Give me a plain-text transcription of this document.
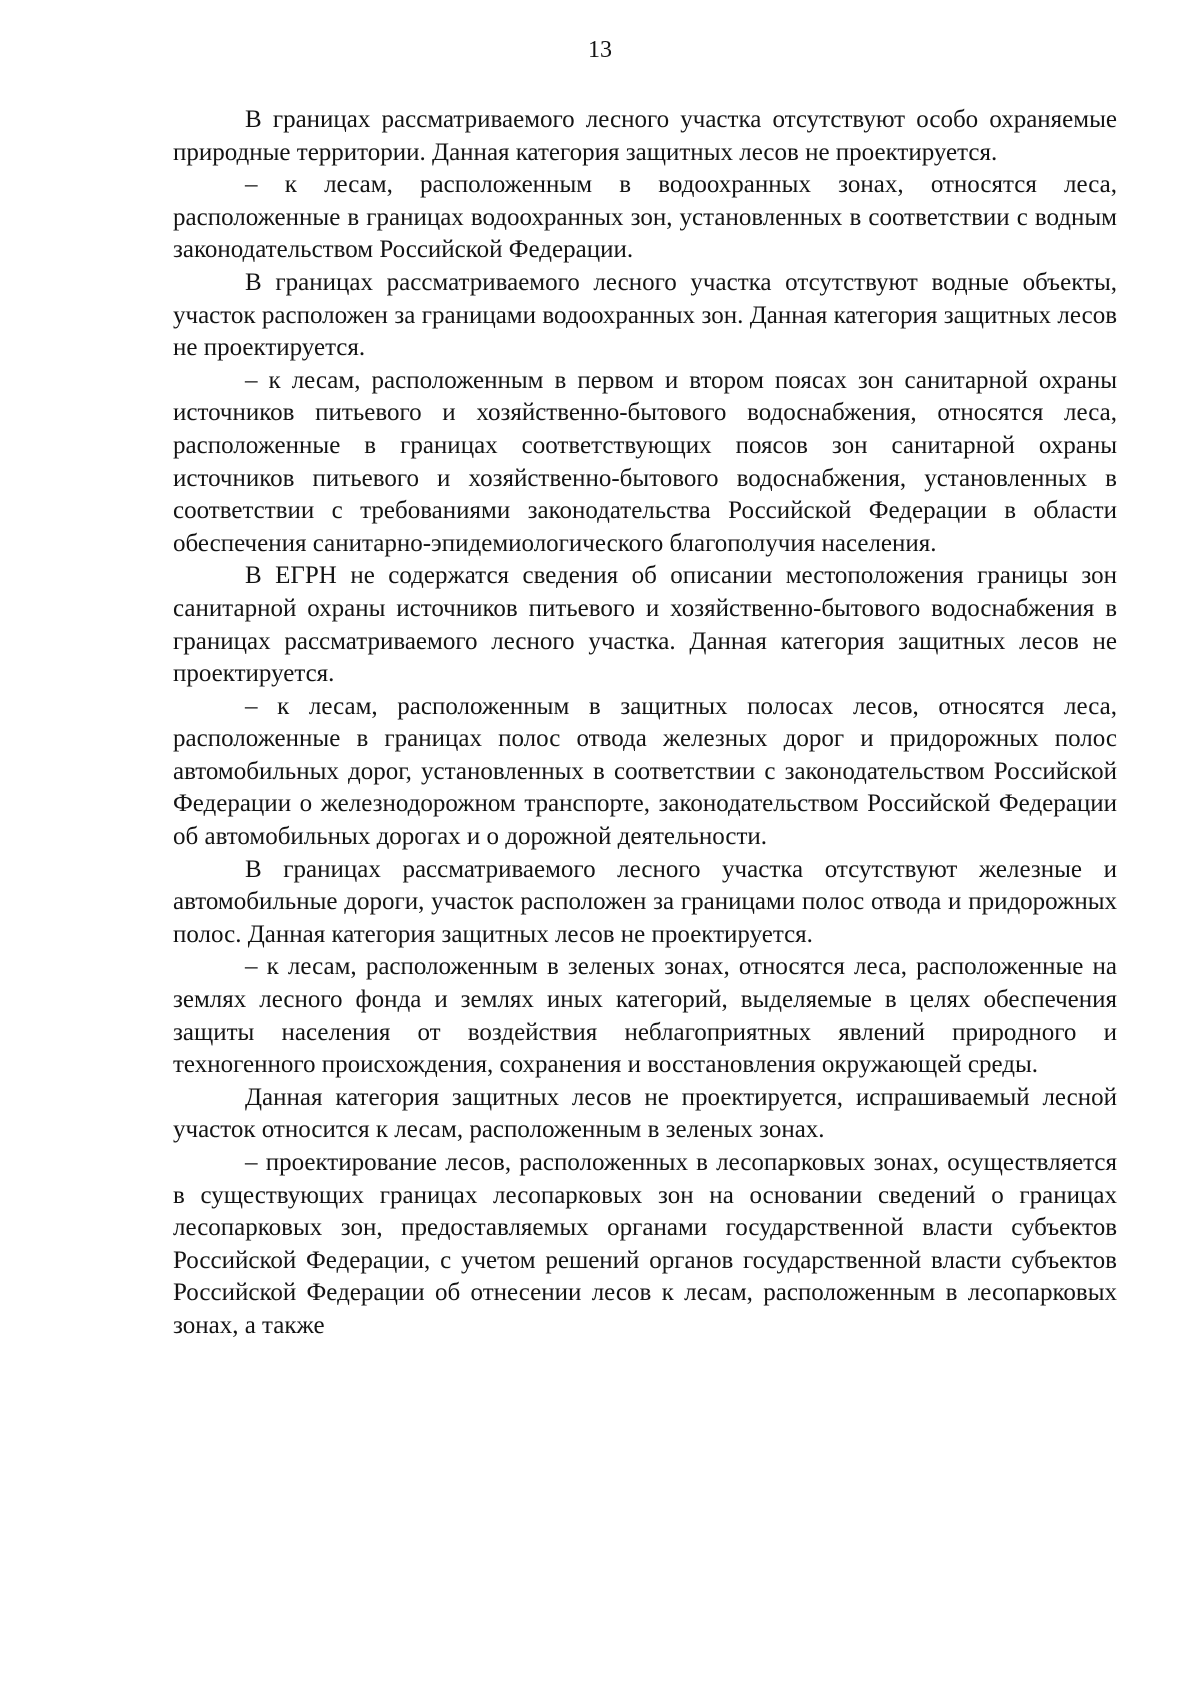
13

В границах рассматриваемого лесного участка отсутствуют особо охраняемые природные территории. Данная категория защитных лесов не проектируется.

– к лесам, расположенным в водоохранных зонах, относятся леса, расположенные в границах водоохранных зон, установленных в соответствии с водным законодательством Российской Федерации.

В границах рассматриваемого лесного участка отсутствуют водные объекты, участок расположен за границами водоохранных зон. Данная категория защитных лесов не проектируется.

– к лесам, расположенным в первом и втором поясах зон санитарной охраны источников питьевого и хозяйственно-бытового водоснабжения, относятся леса, расположенные в границах соответствующих поясов зон санитарной охраны источников питьевого и хозяйственно-бытового водоснабжения, установленных в соответствии с требованиями законодательства Российской Федерации в области обеспечения санитарно-эпидемиологического благополучия населения.

В ЕГРН не содержатся сведения об описании местоположения границы зон санитарной охраны источников питьевого и хозяйственно-бытового водоснабжения в границах рассматриваемого лесного участка. Данная категория защитных лесов не проектируется.

– к лесам, расположенным в защитных полосах лесов, относятся леса, расположенные в границах полос отвода железных дорог и придорожных полос автомобильных дорог, установленных в соответствии с законодательством Российской Федерации о железнодорожном транспорте, законодательством Российской Федерации об автомобильных дорогах и о дорожной деятельности.

В границах рассматриваемого лесного участка отсутствуют железные и автомобильные дороги, участок расположен за границами полос отвода и придорожных полос. Данная категория защитных лесов не проектируется.

– к лесам, расположенным в зеленых зонах, относятся леса, расположенные на землях лесного фонда и землях иных категорий, выделяемые в целях обеспечения защиты населения от воздействия неблагоприятных явлений природного и техногенного происхождения, сохранения и восстановления окружающей среды.

Данная категория защитных лесов не проектируется, испрашиваемый лесной участок относится к лесам, расположенным в зеленых зонах.

– проектирование лесов, расположенных в лесопарковых зонах, осуществляется в существующих границах лесопарковых зон на основании сведений о границах лесопарковых зон, предоставляемых органами государственной власти субъектов Российской Федерации, с учетом решений органов государственной власти субъектов Российской Федерации об отнесении лесов к лесам, расположенным в лесопарковых зонах, а также
